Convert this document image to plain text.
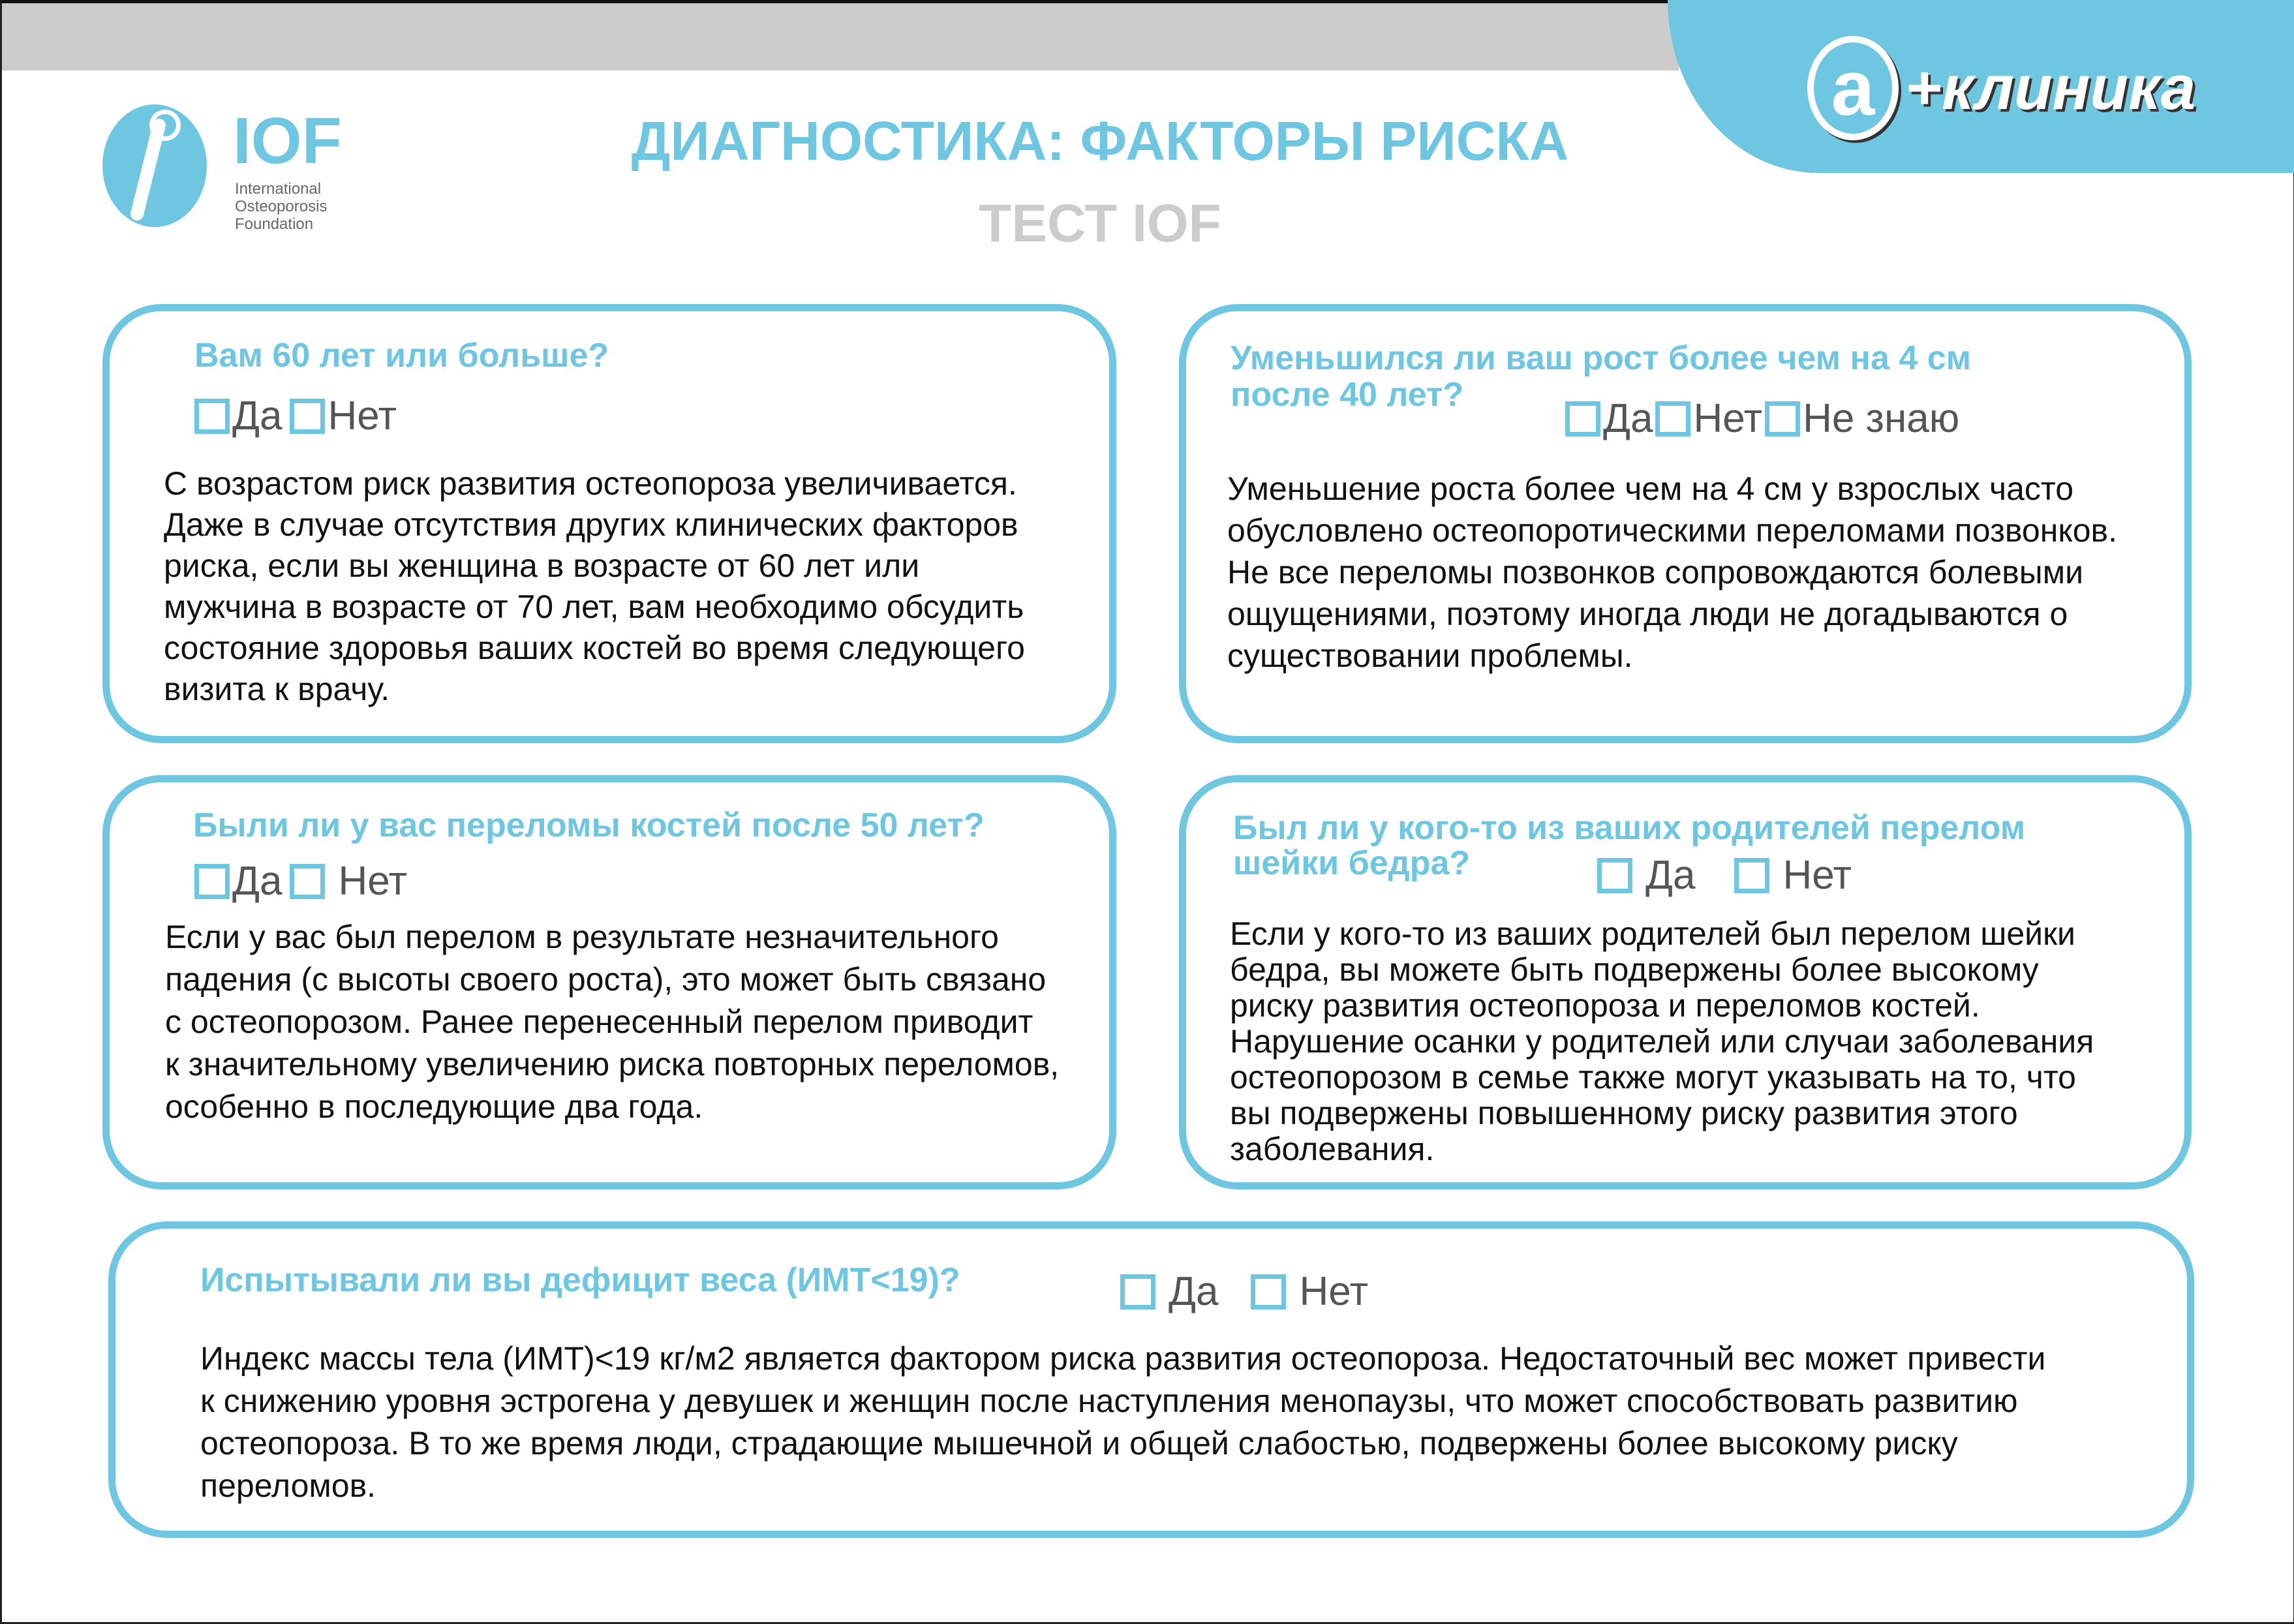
a +клиника
IOF
International
Osteoporosis
Foundation
ДИАГНОСТИКА: ФАКТОРЫ РИСКА
ТЕСТ IOF
Вам 60 лет или больше?
Да Нет
С возрастом риск развития остеопороза увеличивается.
Даже в случае отсутствия других клинических факторов
риска, если вы женщина в возрасте от 60 лет или
мужчина в возрасте от 70 лет, вам необходимо обсудить
состояние здоровья ваших костей во время следующего
визита к врачу.
Уменьшился ли ваш рост более чем на 4 см
после 40 лет?
Да Нет Не знаю
Уменьшение роста более чем на 4 см у взрослых часто
обусловлено остеопоротическими переломами позвонков.
Не все переломы позвонков сопровождаются болевыми
ощущениями, поэтому иногда люди не догадываются о
существовании проблемы.
Были ли у вас переломы костей после 50 лет?
Да Нет
Если у вас был перелом в результате незначительного
падения (с высоты своего роста), это может быть связано
с остеопорозом. Ранее перенесенный перелом приводит
к значительному увеличению риска повторных переломов,
особенно в последующие два года.
Был ли у кого-то из ваших родителей перелом
шейки бедра?	Да Нет
Если у кого-то из ваших родителей был перелом шейки
бедра, вы можете быть подвержены более высокому
риску развития остеопороза и переломов костей.
Нарушение осанки у родителей или случаи заболевания
остеопорозом в семье также могут указывать на то, что
вы подвержены повышенному риску развития этого
заболевания.
Испытывали ли вы дефицит веса (ИМТ<19)?	Да Нет
Индекс массы тела (ИМТ)<19 кг/м2 является фактором риска развития остеопороза. Недостаточный вес может привести
к снижению уровня эстрогена у девушек и женщин после наступления менопаузы, что может способствовать развитию
остеопороза. В то же время люди, страдающие мышечной и общей слабостью, подвержены более высокому риску
переломов.
